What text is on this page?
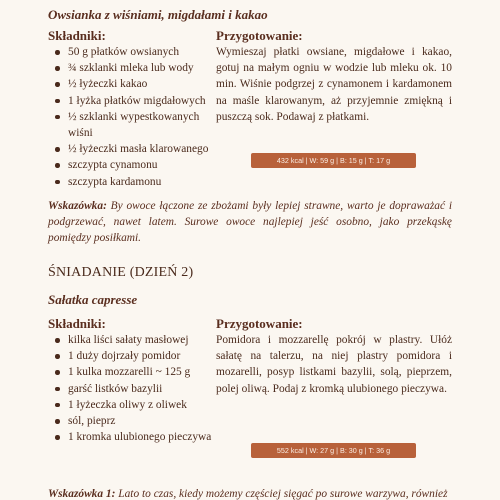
Owsianka z wiśniami, migdałami i kakao
Składniki:
50 g płatków owsianych
¾ szklanki mleka lub wody
½ łyżeczki kakao
1 łyżka płatków migdałowych
½ szklanki wypestkowanych wiśni
½ łyżeczki masła klarowanego
szczypta cynamonu
szczypta kardamonu
Przygotowanie:
Wymieszaj płatki owsiane, migdałowe i kakao, gotuj na małym ogniu w wodzie lub mleku ok. 10 min. Wiśnie podgrzej z cynamonem i kardamonem na maśle klarowanym, aż przyjemnie zmiękną i puszczą sok. Podawaj z płatkami.
432 kcal | W: 59 g | B: 15 g | T: 17 g
Wskazówka: By owoce łączone ze zbożami były lepiej strawne, warto je dopraważać i podgrzewać, nawet latem. Surowe owoce najlepiej jeść osobno, jako przekąskę pomiędzy posiłkami.
ŚNIADANIE (DZIEŃ 2)
Sałatka capresse
Składniki:
kilka liści sałaty masłowej
1 duży dojrzały pomidor
1 kulka mozzarelli ~ 125 g
garść listków bazylii
1 łyżeczka oliwy z oliwek
sól, pieprz
1 kromka ulubionego pieczywa
Przygotowanie:
Pomidora i mozzarellę pokrój w plastry. Ułóż sałatę na talerzu, na niej plastry pomidora i mozarelli, posyp listkami bazylii, solą, pieprzem, polej oliwą. Podaj z kromką ulubionego pieczywa.
552 kcal | W: 27 g | B: 30 g | T: 36 g
Wskazówka 1: Lato to czas, kiedy możemy częściej sięgać po surowe warzywa, również
